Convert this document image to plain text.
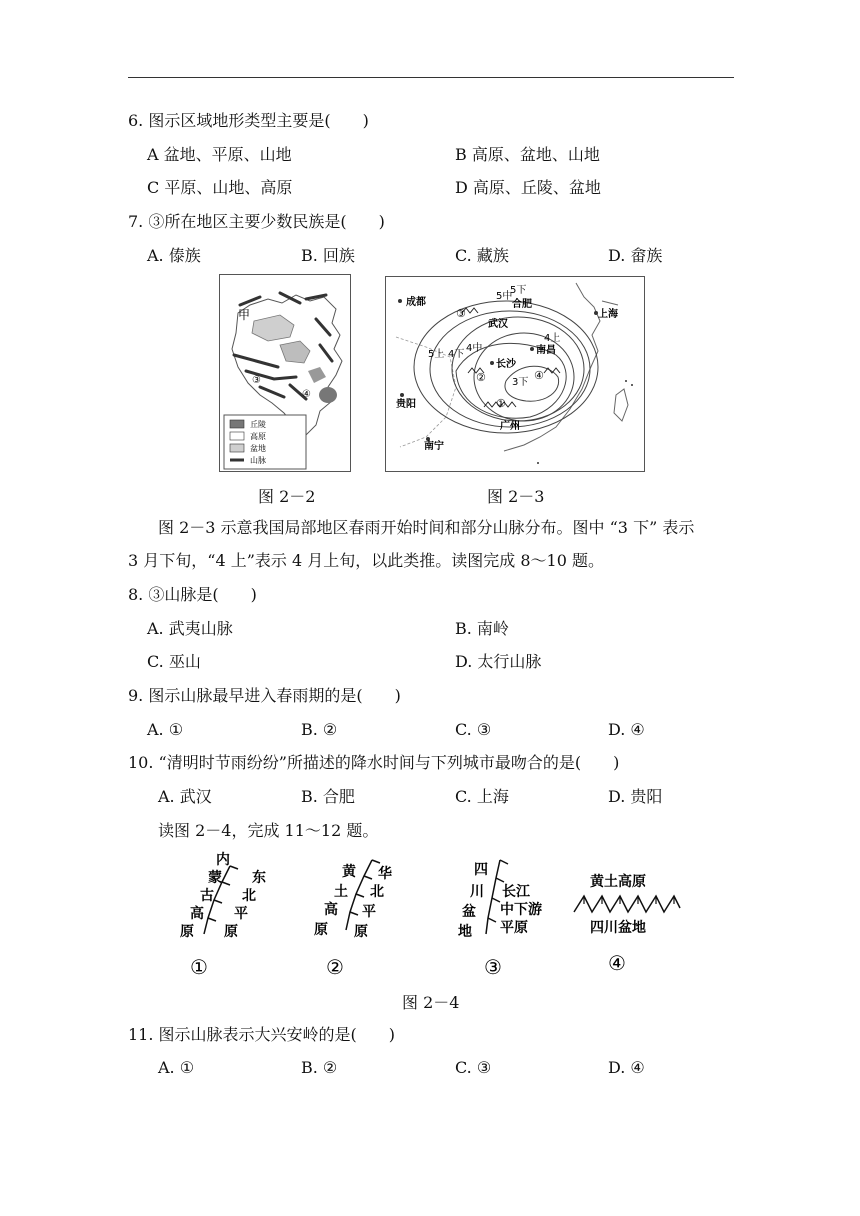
6. 图示区域地形类型主要是(　　)
A 盆地、平原、山地	B 高原、盆地、山地
C 平原、山地、高原	D 高原、丘陵、盆地
7. ③所在地区主要少数民族是(　　)
A. 傣族	B. 回族	C. 藏族	D. 畲族
甲
③
④
丘陵
高原
盆地
山脉
图 2－2
成都	合肥
上海
武汉
南昌
长沙
贵阳
广州
南宁
5下
5中
4上
5上 4下
4中
3下
①
②
③
④
图 2－3
图 2－3 示意我国局部地区春雨开始时间和部分山脉分布。图中 “3 下” 表示
3 月下旬，“4 上”表示 4 月上旬，以此类推。读图完成 8～10 题。
8. ③山脉是(　　)
A. 武夷山脉	B. 南岭
C. 巫山	D. 太行山脉
9. 图示山脉最早进入春雨期的是(　　)
A. ①	B. ②	C. ③	D. ④
10. “清明时节雨纷纷”所描述的降水时间与下列城市最吻合的是(　　)
A. 武汉	B. 合肥	C. 上海	D. 贵阳
读图 2－4，完成 11～12 题。
内
蒙
古
高
原
东
北
平
原
①
黄
土
高
原
华
北
平
原
②
四
川
盆
地
长江
中下游
平原
③
黄土高原
四川盆地
④
图 2－4
11. 图示山脉表示大兴安岭的是(　　)
A. ①	B. ②	C. ③	D. ④
